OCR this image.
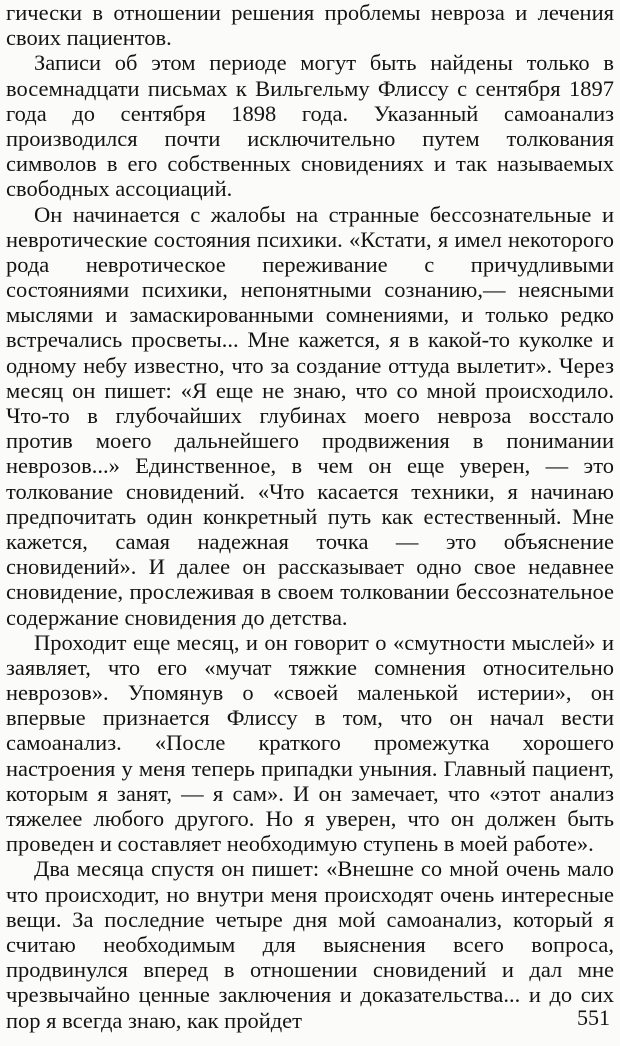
гически в отношении решения проблемы невроза и лечения своих пациентов.

Записи об этом периоде могут быть найдены только в восемнадцати письмах к Вильгельму Флиссу с сентября 1897 года до сентября 1898 года. Указанный самоанализ производился почти исключительно путем толкования символов в его собственных сновидениях и так называемых свободных ассоциаций.

Он начинается с жалобы на странные бессознательные и невротические состояния психики. «Кстати, я имел некоторого рода невротическое переживание с причудливыми состояниями психики, непонятными сознанию,— неясными мыслями и замаскированными сомнениями, и только редко встречались просветы... Мне кажется, я в какой-то куколке и одному небу известно, что за создание оттуда вылетит». Через месяц он пишет: «Я еще не знаю, что со мной происходило. Что-то в глубочайших глубинах моего невроза восстало против моего дальнейшего продвижения в понимании неврозов...» Единственное, в чем он еще уверен, — это толкование сновидений. «Что касается техники, я начинаю предпочитать один конкретный путь как естественный. Мне кажется, самая надежная точка — это объяснение сновидений». И далее он рассказывает одно свое недавнее сновидение, прослеживая в своем толковании бессознательное содержание сновидения до детства.

Проходит еще месяц, и он говорит о «смутности мыслей» и заявляет, что его «мучат тяжкие сомнения относительно неврозов». Упомянув о «своей маленькой истерии», он впервые признается Флиссу в том, что он начал вести самоанализ. «После краткого промежутка хорошего настроения у меня теперь припадки уныния. Главный пациент, которым я занят, — я сам». И он замечает, что «этот анализ тяжелее любого другого. Но я уверен, что он должен быть проведен и составляет необходимую ступень в моей работе».

Два месяца спустя он пишет: «Внешне со мной очень мало что происходит, но внутри меня происходят очень интересные вещи. За последние четыре дня мой самоанализ, который я считаю необходимым для выяснения всего вопроса, продвинулся вперед в отношении сновидений и дал мне чрезвычайно ценные заключения и доказательства... и до сих пор я всегда знаю, как пройдет	551
